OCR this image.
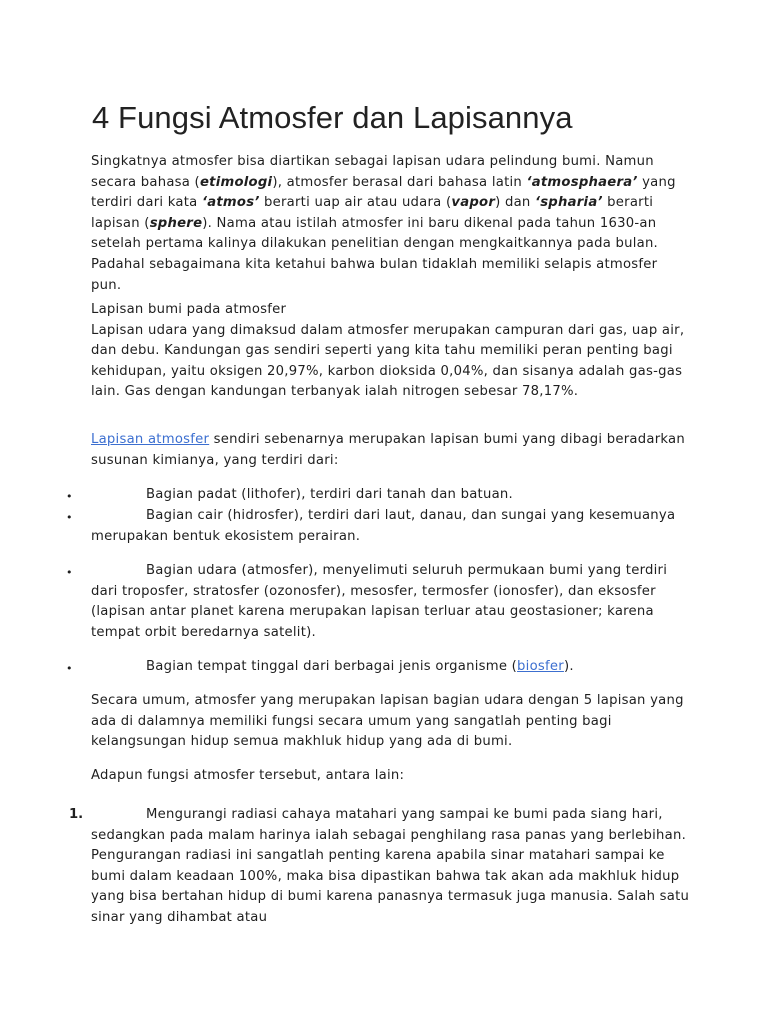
4 Fungsi Atmosfer dan Lapisannya
Singkatnya atmosfer bisa diartikan sebagai lapisan udara pelindung bumi. Namun secara bahasa (etimologi), atmosfer berasal dari bahasa latin ‘atmosphaera’ yang terdiri dari kata ‘atmos’ berarti uap air atau udara (vapor) dan ‘spharia’ berarti lapisan (sphere). Nama atau istilah atmosfer ini baru dikenal pada tahun 1630-an setelah pertama kalinya dilakukan penelitian dengan mengkaitkannya pada bulan. Padahal sebagaimana kita ketahui bahwa bulan tidaklah memiliki selapis atmosfer pun.
Lapisan bumi pada atmosfer
Lapisan udara yang dimaksud dalam atmosfer merupakan campuran dari gas, uap air, dan debu. Kandungan gas sendiri seperti yang kita tahu memiliki peran penting bagi kehidupan, yaitu oksigen 20,97%, karbon dioksida 0,04%, dan sisanya adalah gas-gas lain. Gas dengan kandungan terbanyak ialah nitrogen sebesar 78,17%.
Lapisan atmosfer sendiri sebenarnya merupakan lapisan bumi yang dibagi beradarkan susunan kimianya, yang terdiri dari:
•	Bagian padat (lithofer), terdiri dari tanah dan batuan.
•	Bagian cair (hidrosfer), terdiri dari laut, danau, dan sungai yang kesemuanya merupakan bentuk ekosistem perairan.
•	Bagian udara (atmosfer), menyelimuti seluruh permukaan bumi yang terdiri dari troposfer, stratosfer (ozonosfer), mesosfer, termosfer (ionosfer), dan eksosfer (lapisan antar planet karena merupakan lapisan terluar atau geostasioner; karena tempat orbit beredarnya satelit).
•	Bagian tempat tinggal dari berbagai jenis organisme (biosfer).
Secara umum, atmosfer yang merupakan lapisan bagian udara dengan 5 lapisan yang ada di dalamnya memiliki fungsi secara umum yang sangatlah penting bagi kelangsungan hidup semua makhluk hidup yang ada di bumi.
Adapun fungsi atmosfer tersebut, antara lain:
1.	Mengurangi radiasi cahaya matahari yang sampai ke bumi pada siang hari, sedangkan pada malam harinya ialah sebagai penghilang rasa panas yang berlebihan. Pengurangan radiasi ini sangatlah penting karena apabila sinar matahari sampai ke bumi dalam keadaan 100%, maka bisa dipastikan bahwa tak akan ada makhluk hidup yang bisa bertahan hidup di bumi karena panasnya termasuk juga manusia. Salah satu sinar yang dihambat atau
